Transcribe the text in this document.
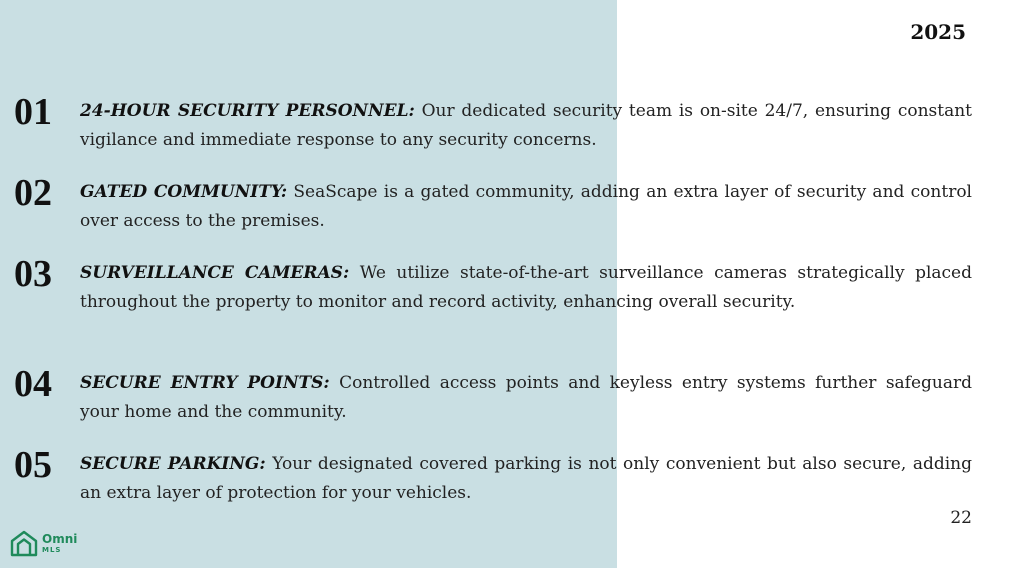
2025
01 24-HOUR SECURITY PERSONNEL: Our dedicated security team is on-site 24/7, ensuring constant vigilance and immediate response to any security concerns.
02 GATED COMMUNITY: SeaScape is a gated community, adding an extra layer of security and control over access to the premises.
03 SURVEILLANCE CAMERAS: We utilize state-of-the-art surveillance cameras strategically placed throughout the property to monitor and record activity, enhancing overall security.
04 SECURE ENTRY POINTS: Controlled access points and keyless entry systems further safeguard your home and the community.
05 SECURE PARKING: Your designated covered parking is not only convenient but also secure, adding an extra layer of protection for your vehicles.
22
Omni
MLS
